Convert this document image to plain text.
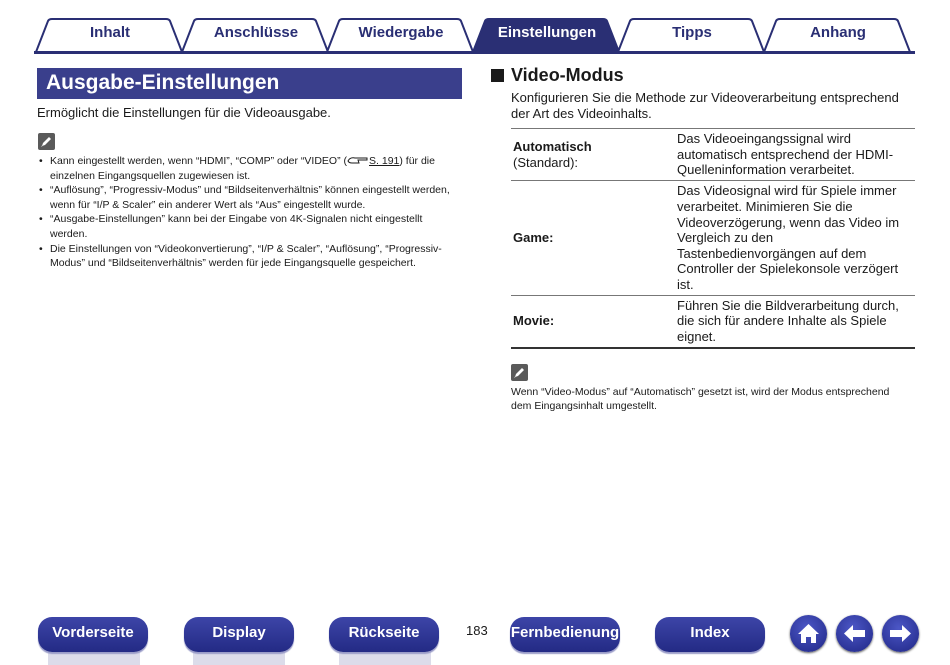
Inhalt	Anschlüsse	Wiedergabe	Einstellungen	Tipps	Anhang
Ausgabe-Einstellungen
Ermöglicht die Einstellungen für die Videoausgabe.
• Kann eingestellt werden, wenn “HDMI”, “COMP” oder “VIDEO” ( S. 191) für die einzelnen Eingangsquellen zugewiesen ist.
• “Auflösung”, “Progressiv-Modus” und “Bildseitenverhältnis” können eingestellt werden, wenn für “I/P & Scaler” ein anderer Wert als “Aus” eingestellt wurde.
• “Ausgabe-Einstellungen” kann bei der Eingabe von 4K-Signalen nicht eingestellt werden.
• Die Einstellungen von “Videokonvertierung”, “I/P & Scaler”, “Auflösung”, “Progressiv-Modus” und “Bildseitenverhältnis” werden für jede Eingangsquelle gespeichert.
Video-Modus
Konfigurieren Sie die Methode zur Videoverarbeitung entsprechend der Art des Videoinhalts.
Automatisch
(Standard):	Das Videoeingangssignal wird automatisch entsprechend der HDMI-Quelleninformation verarbeitet.
Game:	Das Videosignal wird für Spiele immer verarbeitet. Minimieren Sie die Videoverzögerung, wenn das Video im Vergleich zu den Tastenbedienvorgängen auf dem Controller der Spielekonsole verzögert ist.
Movie:	Führen Sie die Bildverarbeitung durch, die sich für andere Inhalte als Spiele eignet.
Wenn “Video-Modus” auf “Automatisch” gesetzt ist, wird der Modus entsprechend dem Eingangsinhalt umgestellt.
Vorderseite	Display	Rückseite	183 Fernbedienung	Index
